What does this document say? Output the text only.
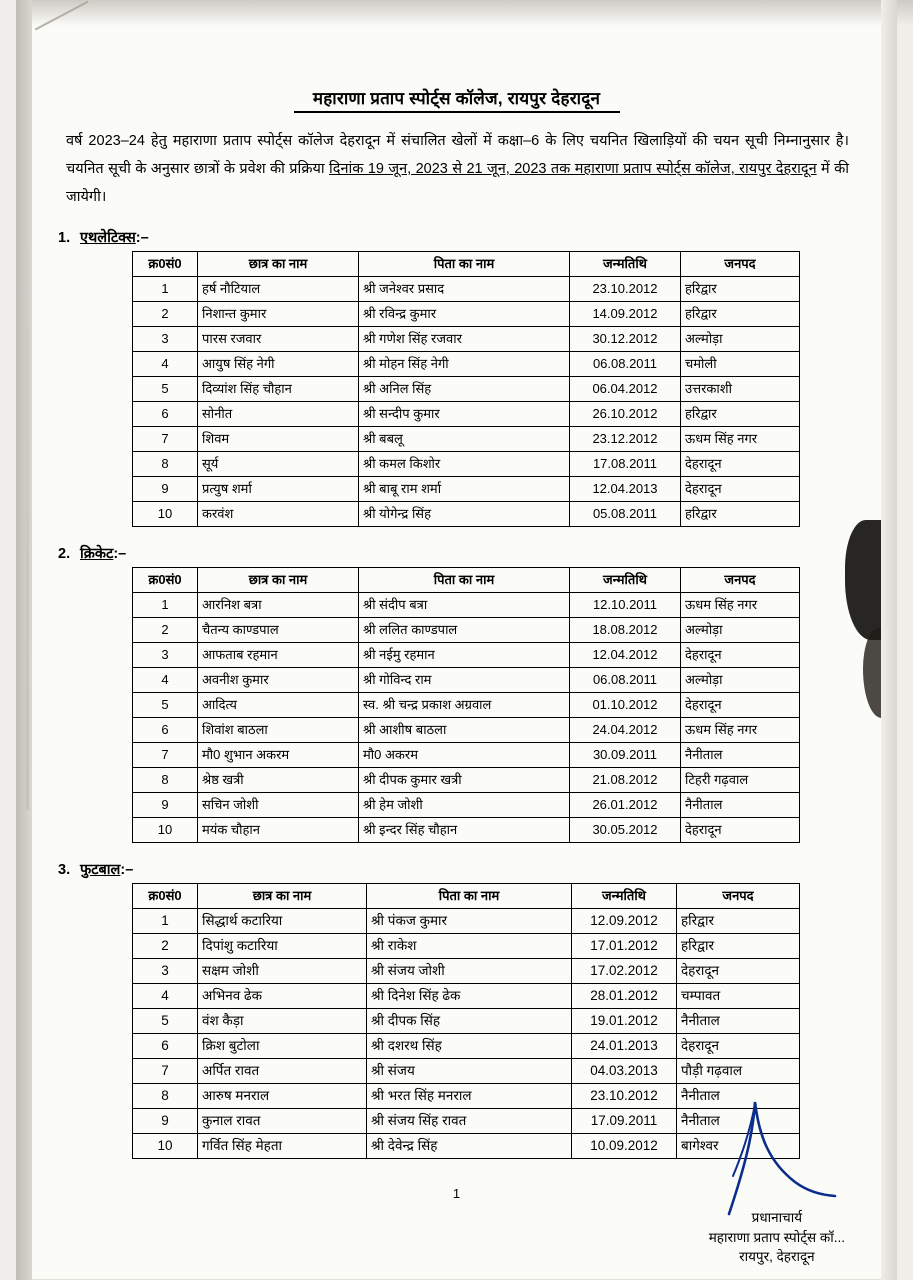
महाराणा प्रताप स्पोर्ट्स कॉलेज, रायपुर देहरादून

वर्ष 2023–24 हेतु महाराणा प्रताप स्पोर्ट्स कॉलेज देहरादून में संचालित खेलों में कक्षा–6 के लिए चयनित खिलाड़ियों की चयन सूची निम्नानुसार है। चयनित सूची के अनुसार छात्रों के प्रवेश की प्रक्रिया दिनांक 19 जून, 2023 से 21 जून, 2023 तक महाराणा प्रताप स्पोर्ट्स कॉलेज, रायपुर देहरादून में की जायेगी।

1. एथलेटिक्स:–
क्र0सं0	छात्र का नाम	पिता का नाम	जन्मतिथि	जनपद
1	हर्ष नौटियाल	श्री जनेश्वर प्रसाद	23.10.2012	हरिद्वार
2	निशान्त कुमार	श्री रविन्द्र कुमार	14.09.2012	हरिद्वार
3	पारस रजवार	श्री गणेश सिंह रजवार	30.12.2012	अल्मोड़ा
4	आयुष सिंह नेगी	श्री मोहन सिंह नेगी	06.08.2011	चमोली
5	दिव्यांश सिंह चौहान	श्री अनिल सिंह	06.04.2012	उत्तरकाशी
6	सोनीत	श्री सन्दीप कुमार	26.10.2012	हरिद्वार
7	शिवम	श्री बबलू	23.12.2012	ऊधम सिंह नगर
8	सूर्य	श्री कमल किशोर	17.08.2011	देहरादून
9	प्रत्युष शर्मा	श्री बाबू राम शर्मा	12.04.2013	देहरादून
10	करवंश	श्री योगेन्द्र सिंह	05.08.2011	हरिद्वार
2. क्रिकेट:–
क्र0सं0	छात्र का नाम	पिता का नाम	जन्मतिथि	जनपद
1	आरनिश बत्रा	श्री संदीप बत्रा	12.10.2011	ऊधम सिंह नगर
2	चैतन्य काण्डपाल	श्री ललित काण्डपाल	18.08.2012	अल्मोड़ा
3	आफताब रहमान	श्री नईमु रहमान	12.04.2012	देहरादून
4	अवनीश कुमार	श्री गोविन्द राम	06.08.2011	अल्मोड़ा
5	आदित्य	स्व. श्री चन्द्र प्रकाश अग्रवाल	01.10.2012	देहरादून
6	शिवांश बाठला	श्री आशीष बाठला	24.04.2012	ऊधम सिंह नगर
7	मौ0 शुभान अकरम	मौ0 अकरम	30.09.2011	नैनीताल
8	श्रेष्ठ खत्री	श्री दीपक कुमार खत्री	21.08.2012	टिहरी गढ़वाल
9	सचिन जोशी	श्री हेम जोशी	26.01.2012	नैनीताल
10	मयंक चौहान	श्री इन्दर सिंह चौहान	30.05.2012	देहरादून
3. फुटबाल:–
क्र0सं0	छात्र का नाम	पिता का नाम	जन्मतिथि	जनपद
1	सिद्धार्थ कटारिया	श्री पंकज कुमार	12.09.2012	हरिद्वार
2	दिपांशु कटारिया	श्री राकेश	17.01.2012	हरिद्वार
3	सक्षम जोशी	श्री संजय जोशी	17.02.2012	देहरादून
4	अभिनव ढेक	श्री दिनेश सिंह ढेक	28.01.2012	चम्पावत
5	वंश कैड़ा	श्री दीपक सिंह	19.01.2012	नैनीताल
6	क्रिश बुटोला	श्री दशरथ सिंह	24.01.2013	देहरादून
7	अर्पित रावत	श्री संजय	04.03.2013	पौड़ी गढ़वाल
8	आरुष मनराल	श्री भरत सिंह मनराल	23.10.2012	नैनीताल
9	कुनाल रावत	श्री संजय सिंह रावत	17.09.2011	नैनीताल
10	गर्वित सिंह मेहता	श्री देवेन्द्र सिंह	10.09.2012	बागेश्वर
1
प्रधानाचार्य
महाराणा प्रताप स्पोर्ट्स कॉ...
रायपुर, देहरादून
